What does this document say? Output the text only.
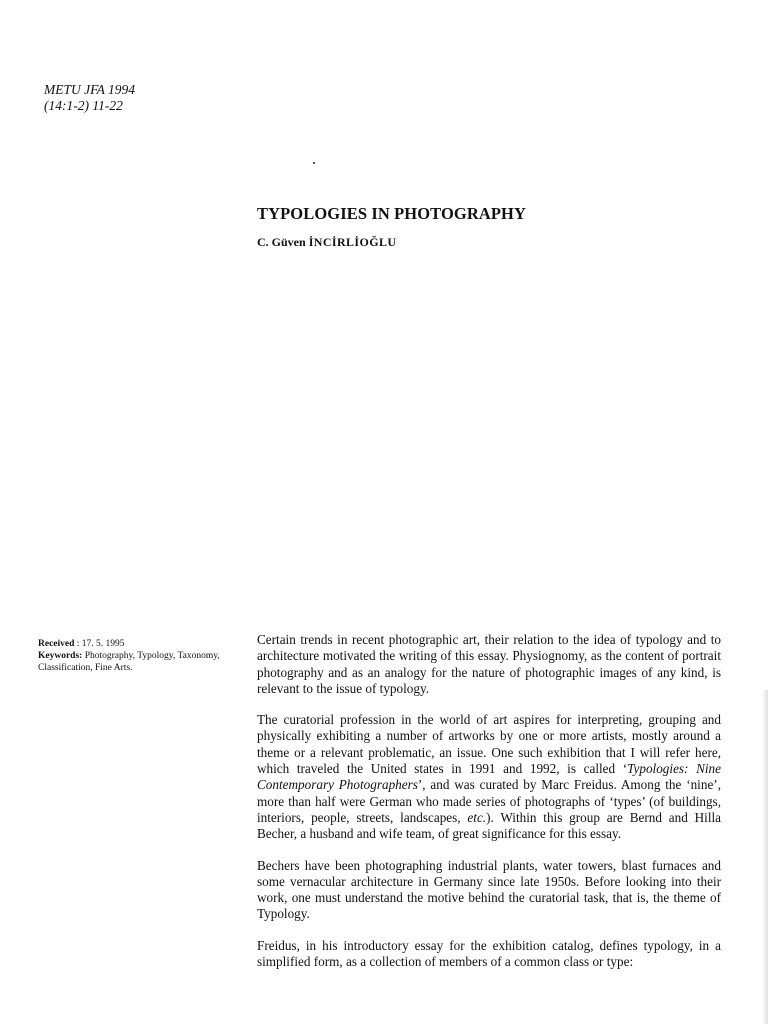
METU JFA 1994
(14:1-2) 11-22
TYPOLOGIES IN PHOTOGRAPHY
C. Güven İNCİRLİOĞLU
Received : 17. 5. 1995
Keywords: Photography, Typology, Taxonomy, Classification, Fine Arts.

Certain trends in recent photographic art, their relation to the idea of typology and to architecture motivated the writing of this essay. Physiognomy, as the content of portrait photography and as an analogy for the nature of photographic images of any kind, is relevant to the issue of typology.

The curatorial profession in the world of art aspires for interpreting, grouping and physically exhibiting a number of artworks by one or more artists, mostly around a theme or a relevant problematic, an issue. One such exhibition that I will refer here, which traveled the United states in 1991 and 1992, is called ‘Typologies: Nine Contemporary Photographers’, and was curated by Marc Freidus. Among the ‘nine’, more than half were German who made series of photographs of ‘types’ (of buildings, interiors, people, streets, landscapes, etc.). Within this group are Bernd and Hilla Becher, a husband and wife team, of great significance for this essay.

Bechers have been photographing industrial plants, water towers, blast furnaces and some vernacular architecture in Germany since late 1950s. Before looking into their work, one must understand the motive behind the curatorial task, that is, the theme of Typology.

Freidus, in his introductory essay for the exhibition catalog, defines typology, in a simplified form, as a collection of members of a common class or type:
